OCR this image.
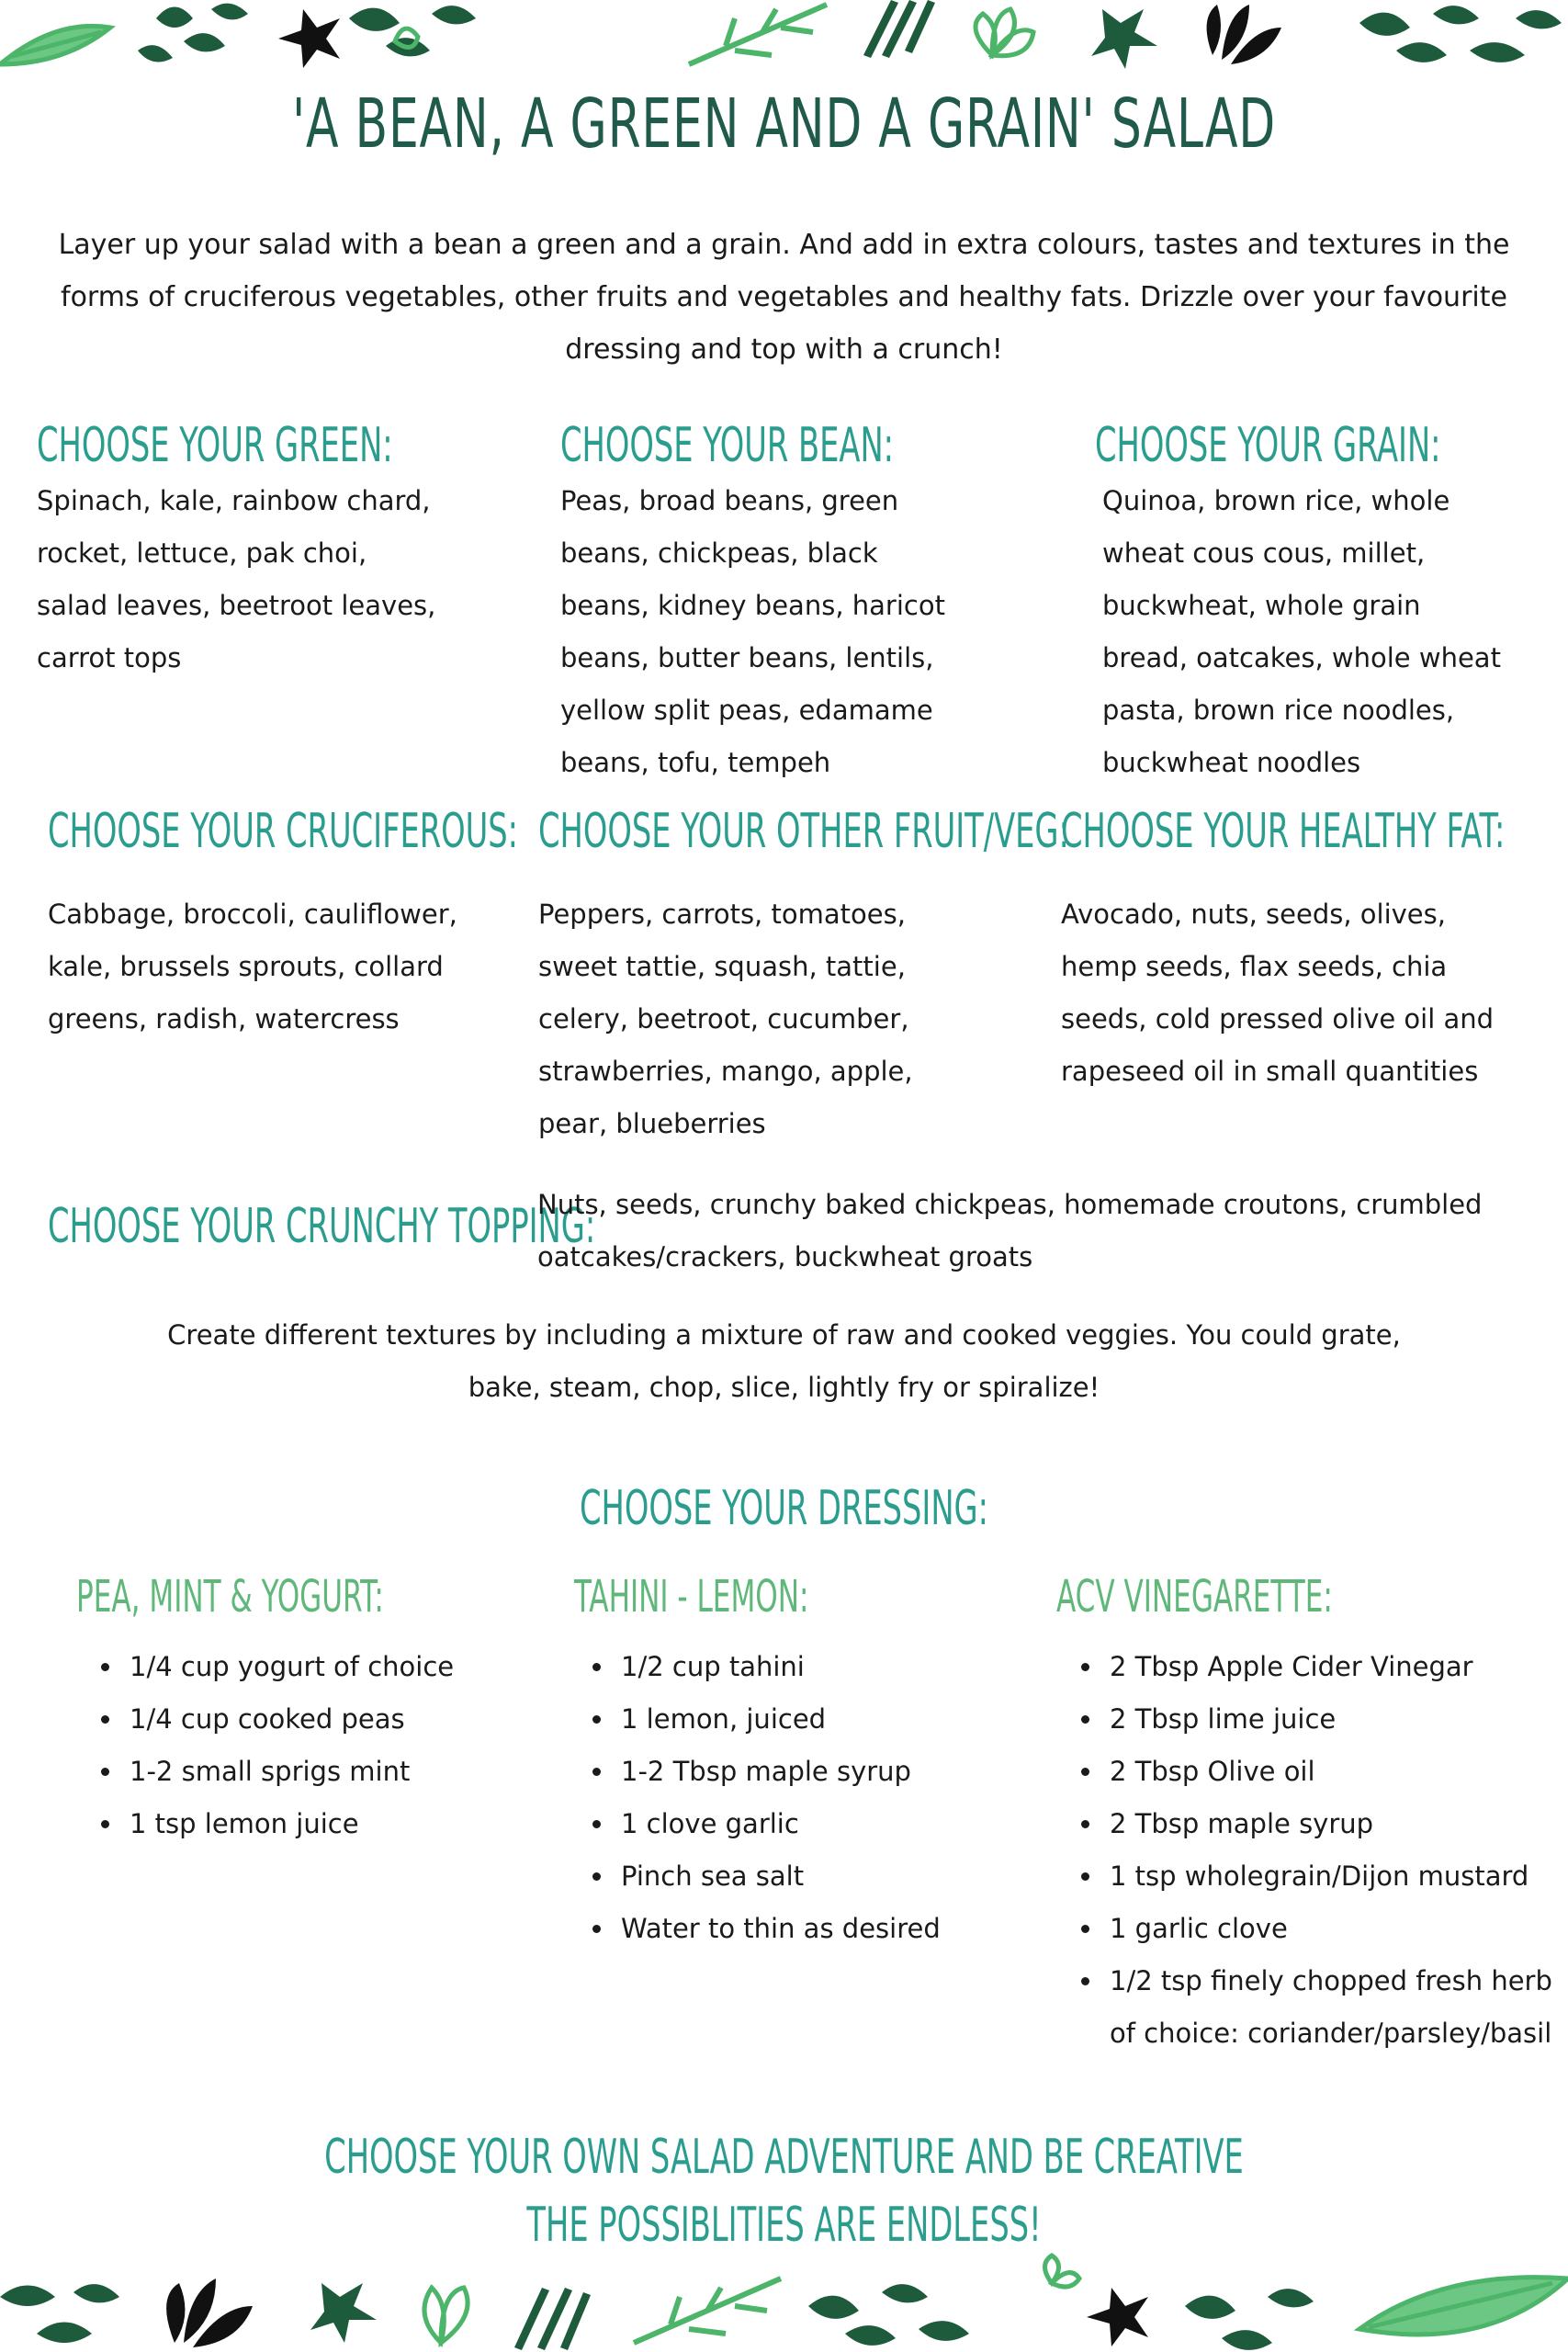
'A BEAN, A GREEN AND A GRAIN' SALAD
Layer up your salad with a bean a green and a grain. And add in extra colours, tastes and textures in the forms of cruciferous vegetables, other fruits and vegetables and healthy fats. Drizzle over your favourite dressing and top with a crunch!
CHOOSE YOUR GREEN:
Spinach, kale, rainbow chard, rocket, lettuce, pak choi, salad leaves, beetroot leaves, carrot tops
CHOOSE YOUR BEAN:
Peas, broad beans, green beans, chickpeas, black beans, kidney beans, haricot beans, butter beans, lentils, yellow split peas, edamame beans, tofu, tempeh
CHOOSE YOUR GRAIN:
Quinoa, brown rice, whole wheat cous cous, millet, buckwheat, whole grain bread, oatcakes, whole wheat pasta, brown rice noodles, buckwheat noodles
CHOOSE YOUR CRUCIFEROUS:
Cabbage, broccoli, cauliflower, kale, brussels sprouts, collard greens, radish, watercress
CHOOSE YOUR OTHER FRUIT/VEG:
Peppers, carrots, tomatoes, sweet tattie, squash, tattie, celery, beetroot, cucumber, strawberries, mango, apple, pear, blueberries
CHOOSE YOUR HEALTHY FAT:
Avocado, nuts, seeds, olives, hemp seeds, flax seeds, chia seeds, cold pressed olive oil and rapeseed oil in small quantities
CHOOSE YOUR CRUNCHY TOPPING:
Nuts, seeds, crunchy baked chickpeas, homemade croutons, crumbled oatcakes/crackers, buckwheat groats
Create different textures by including a mixture of raw and cooked veggies. You could grate, bake, steam, chop, slice, lightly fry or spiralize!
CHOOSE YOUR DRESSING:
PEA, MINT & YOGURT:
• 1/4 cup yogurt of choice
• 1/4 cup cooked peas
• 1-2 small sprigs mint
• 1 tsp lemon juice
TAHINI - LEMON:
• 1/2 cup tahini
• 1 lemon, juiced
• 1-2 Tbsp maple syrup
• 1 clove garlic
• Pinch sea salt
• Water to thin as desired
ACV VINEGARETTE:
• 2 Tbsp Apple Cider Vinegar
• 2 Tbsp lime juice
• 2 Tbsp Olive oil
• 2 Tbsp maple syrup
• 1 tsp wholegrain/Dijon mustard
• 1 garlic clove
• 1/2 tsp finely chopped fresh herb of choice: coriander/parsley/basil
CHOOSE YOUR OWN SALAD ADVENTURE AND BE CREATIVE
THE POSSIBLITIES ARE ENDLESS!
